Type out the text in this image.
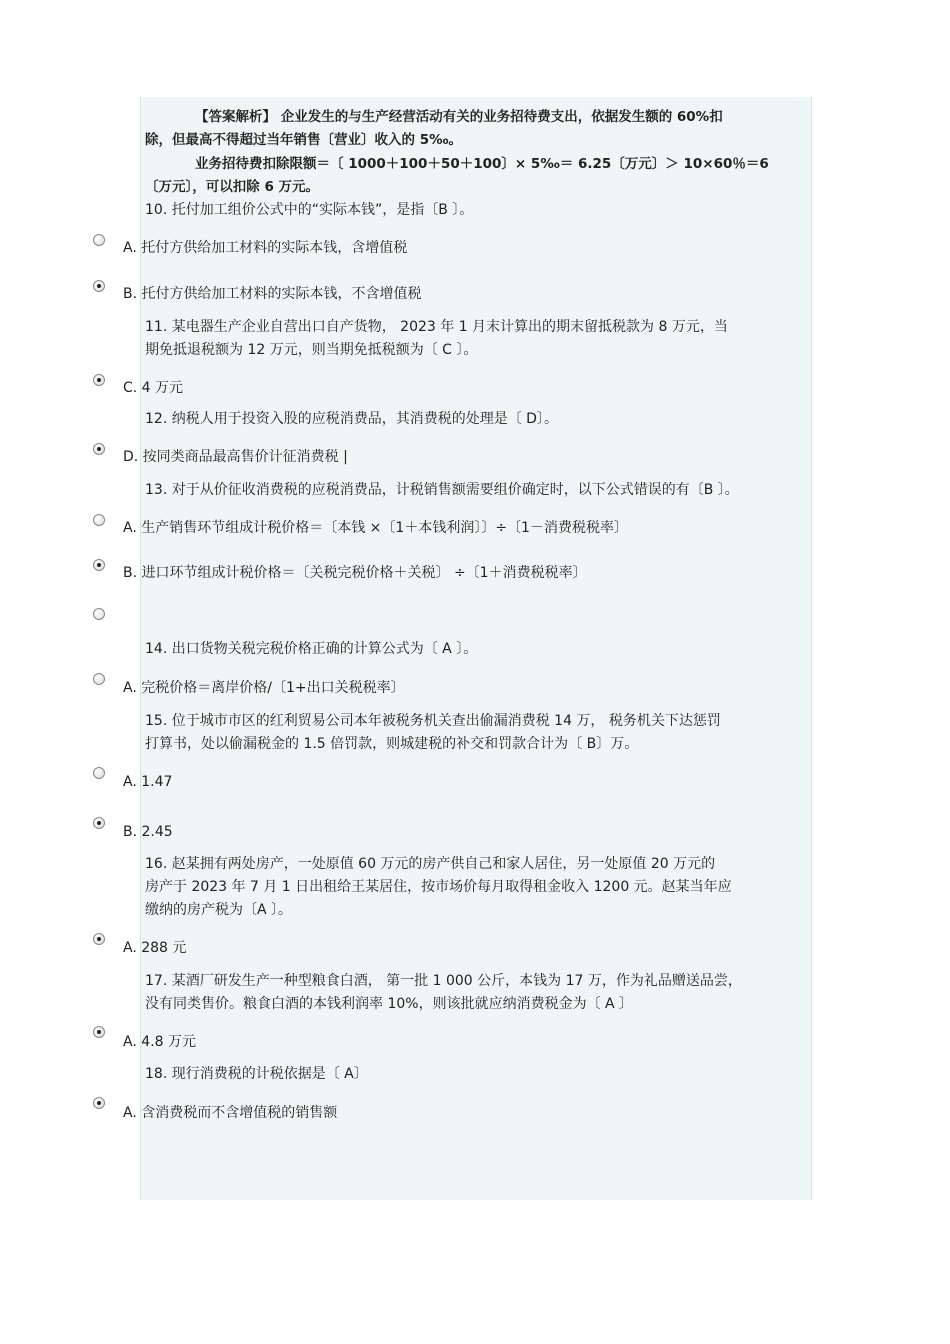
【答案解析】 企业发生的与生产经营活动有关的业务招待费支出，依据发生额的 60%扣
除，但最高不得超过当年销售〔营业〕收入的 5‰。
业务招待费扣除限额＝〔 1000＋100＋50＋100〕× 5‰＝ 6.25〔万元〕＞ 10×60％＝6
〔万元〕，可以扣除 6 万元。
10. 托付加工组价公式中的“实际本钱”，是指〔B 〕。
A. 托付方供给加工材料的实际本钱，含增值税
B. 托付方供给加工材料的实际本钱，不含增值税
11. 某电器生产企业自营出口自产货物， 2023 年 1 月末计算出的期末留抵税款为 8 万元，当
期免抵退税额为 12 万元，则当期免抵税额为〔 C 〕。
C. 4 万元
12. 纳税人用于投资入股的应税消费品，其消费税的处理是〔 D〕。
D. 按同类商品最高售价计征消费税 |
13. 对于从价征收消费税的应税消费品，计税销售额需要组价确定时，以下公式错误的有〔B 〕。
A. 生产销售环节组成计税价格＝〔本钱 ×〔1＋本钱利润〕〕÷〔1－消费税税率〕
B. 进口环节组成计税价格＝〔关税完税价格＋关税〕 ÷〔1＋消费税税率〕
14. 出口货物关税完税价格正确的计算公式为〔 A 〕。
A. 完税价格＝离岸价格/〔1+出口关税税率〕
15. 位于城市市区的红利贸易公司本年被税务机关查出偷漏消费税 14 万， 税务机关下达惩罚
打算书，处以偷漏税金的 1.5 倍罚款，则城建税的补交和罚款合计为〔 B〕万。
A. 1.47
B. 2.45
16. 赵某拥有两处房产，一处原值 60 万元的房产供自己和家人居住，另一处原值 20 万元的
房产于 2023 年 7 月 1 日出租给王某居住，按市场价每月取得租金收入 1200 元。赵某当年应
缴纳的房产税为〔A 〕。
A. 288 元
17. 某酒厂研发生产一种型粮食白酒， 第一批 1 000 公斤，本钱为 17 万，作为礼品赠送品尝，
没有同类售价。粮食白酒的本钱利润率 10%，则该批就应纳消费税金为〔 A 〕
A. 4.8 万元
18. 现行消费税的计税依据是〔 A〕
A. 含消费税而不含增值税的销售额
